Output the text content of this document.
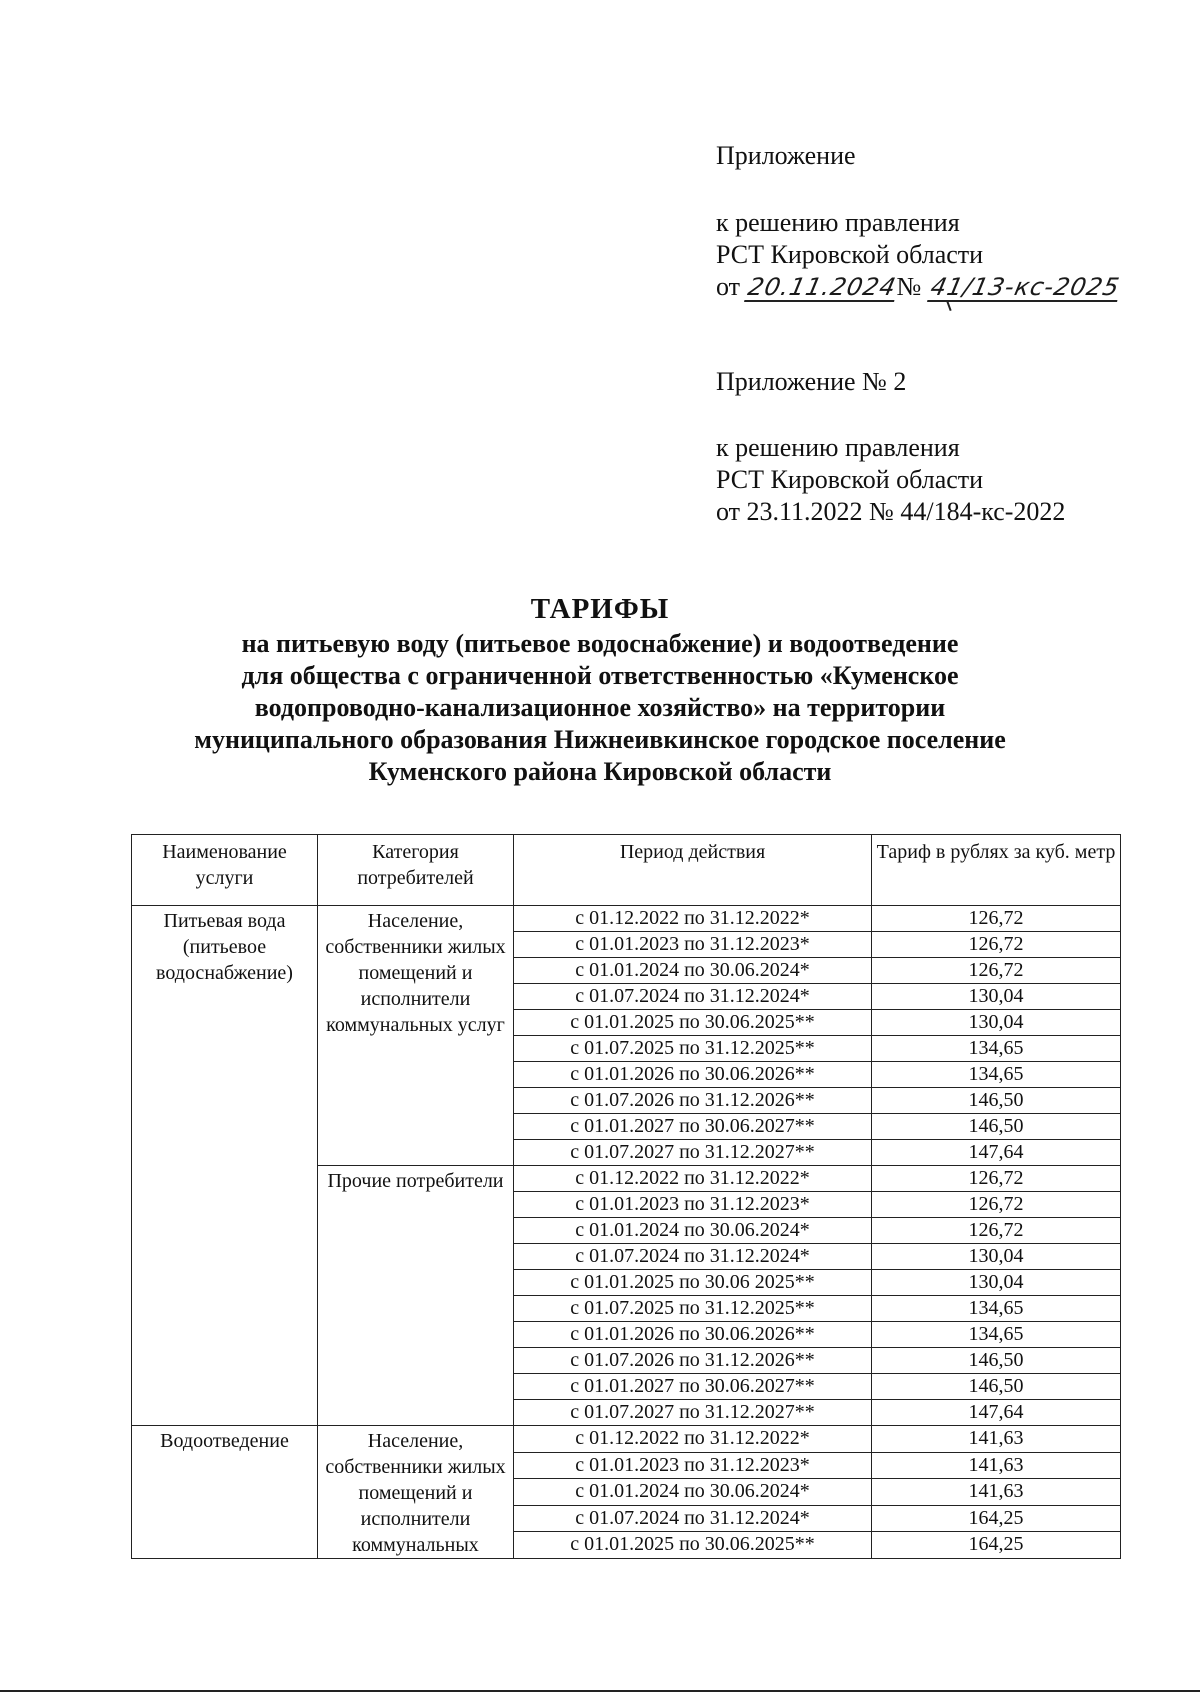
Приложение
к решению правления
РСТ Кировской области
от 20.11.2024№ 41/13-кс-2025
Приложение № 2
к решению правления
РСТ Кировской области
от 23.11.2022 № 44/184-кс-2022
ТАРИФЫ
на питьевую воду (питьевое водоснабжение) и водоотведение
для общества с ограниченной ответственностью «Куменское
водопроводно-канализационное хозяйство» на территории
муниципального образования Нижнеивкинское городское поселение
Куменского района Кировской области
Наименование услуги	Категория потребителей	Период действия	Тариф в рублях за куб. метр
Питьевая вода (питьевое водоснабжение)	Население, собственники жилых помещений и исполнители коммунальных услуг	с 01.12.2022 по 31.12.2022*	126,72
		с 01.01.2023 по 31.12.2023*	126,72
		с 01.01.2024 по 30.06.2024*	126,72
		с 01.07.2024 по 31.12.2024*	130,04
		с 01.01.2025 по 30.06.2025**	130,04
		с 01.07.2025 по 31.12.2025**	134,65
		с 01.01.2026 по 30.06.2026**	134,65
		с 01.07.2026 по 31.12.2026**	146,50
		с 01.01.2027 по 30.06.2027**	146,50
		с 01.07.2027 по 31.12.2027**	147,64
	Прочие потребители	с 01.12.2022 по 31.12.2022*	126,72
		с 01.01.2023 по 31.12.2023*	126,72
		с 01.01.2024 по 30.06.2024*	126,72
		с 01.07.2024 по 31.12.2024*	130,04
		с 01.01.2025 по 30.06 2025**	130,04
		с 01.07.2025 по 31.12.2025**	134,65
		с 01.01.2026 по 30.06.2026**	134,65
		с 01.07.2026 по 31.12.2026**	146,50
		с 01.01.2027 по 30.06.2027**	146,50
		с 01.07.2027 по 31.12.2027**	147,64
Водоотведение	Население, собственники жилых помещений и исполнители коммунальных	с 01.12.2022 по 31.12.2022*	141,63
		с 01.01.2023 по 31.12.2023*	141,63
		с 01.01.2024 по 30.06.2024*	141,63
		с 01.07.2024 по 31.12.2024*	164,25
		с 01.01.2025 по 30.06.2025**	164,25
